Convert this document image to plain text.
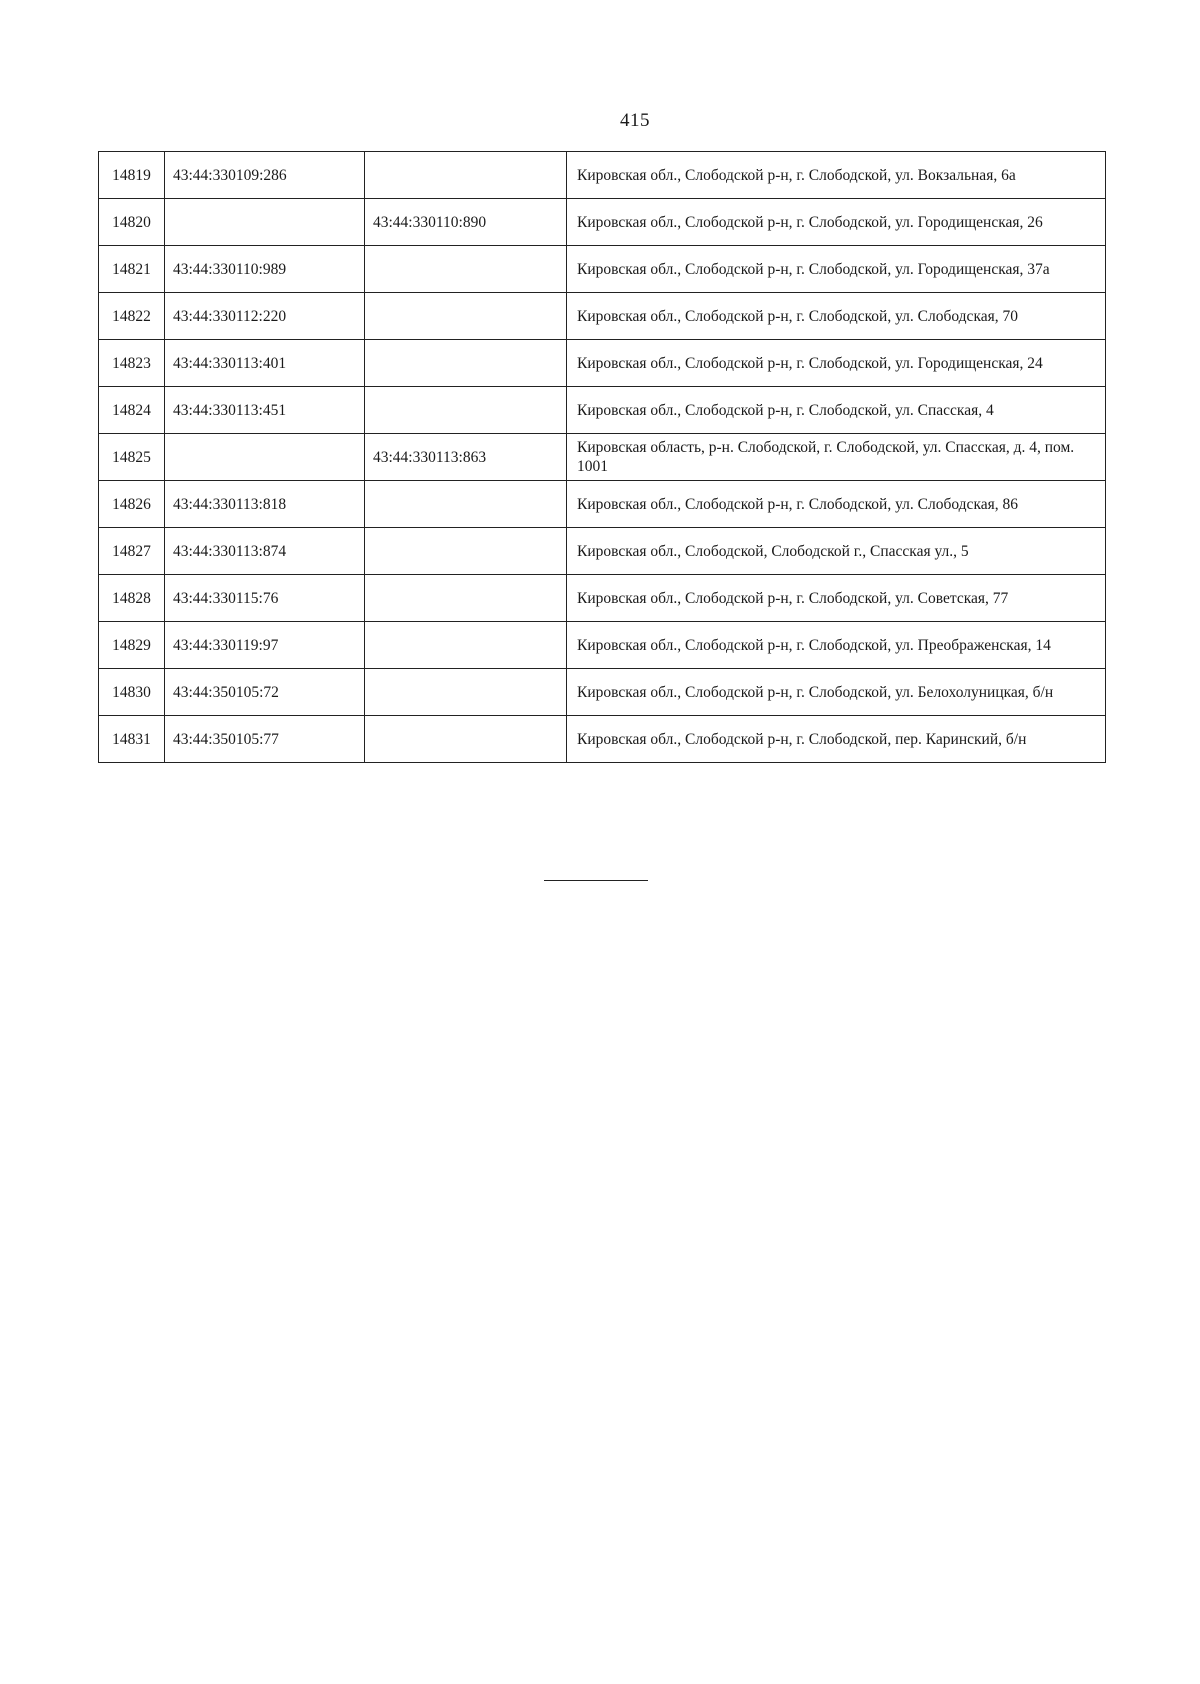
415
14819	43:44:330109:286		Кировская обл., Слободской р-н, г. Слободской, ул. Вокзальная, 6а
14820		43:44:330110:890	Кировская обл., Слободской р-н, г. Слободской, ул. Городищенская, 26
14821	43:44:330110:989		Кировская обл., Слободской р-н, г. Слободской, ул. Городищенская, 37а
14822	43:44:330112:220		Кировская обл., Слободской р-н, г. Слободской, ул. Слободская, 70
14823	43:44:330113:401		Кировская обл., Слободской р-н, г. Слободской, ул. Городищенская, 24
14824	43:44:330113:451		Кировская обл., Слободской р-н, г. Слободской, ул. Спасская, 4
14825		43:44:330113:863	Кировская область, р-н. Слободской, г. Слободской, ул. Спасская, д. 4, пом. 1001
14826	43:44:330113:818		Кировская обл., Слободской р-н, г. Слободской, ул. Слободская, 86
14827	43:44:330113:874		Кировская обл., Слободской, Слободской г., Спасская ул., 5
14828	43:44:330115:76		Кировская обл., Слободской р-н, г. Слободской, ул. Советская, 77
14829	43:44:330119:97		Кировская обл., Слободской р-н, г. Слободской, ул. Преображенская, 14
14830	43:44:350105:72		Кировская обл., Слободской р-н, г. Слободской, ул. Белохолуницкая, б/н
14831	43:44:350105:77		Кировская обл., Слободской р-н, г. Слободской, пер. Каринский, б/н
